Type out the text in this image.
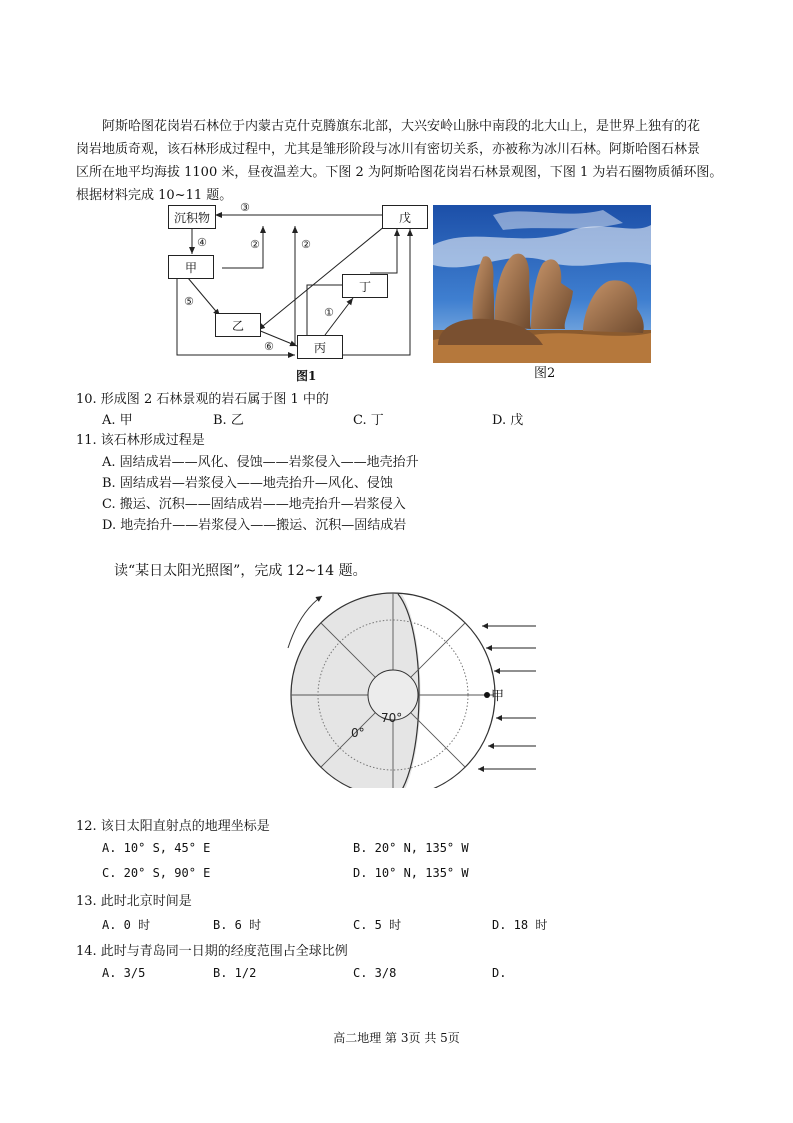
阿斯哈图花岗岩石林位于内蒙古克什克腾旗东北部，大兴安岭山脉中南段的北大山上，是世界上独有的花
岗岩地质奇观，该石林形成过程中，尤其是雏形阶段与冰川有密切关系，亦被称为冰川石林。阿斯哈图石林景
区所在地平均海拔 1100 米，昼夜温差大。下图 2 为阿斯哈图花岗岩石林景观图，下图 1 为岩石圈物质循环图。
根据材料完成 10~11 题。
③
④	②	②
⑤
⑥
①
沉积物
甲
乙
丙
丁
戊
图1	图2
10. 形成图 2 石林景观的岩石属于图 1 中的
A. 甲	B. 乙	C. 丁	D. 戊
11. 该石林形成过程是
A. 固结成岩——风化、侵蚀——岩浆侵入——地壳抬升
B. 固结成岩—岩浆侵入——地壳抬升—风化、侵蚀
C. 搬运、沉积——固结成岩——地壳抬升—岩浆侵入
D. 地壳抬升——岩浆侵入——搬运、沉积—固结成岩
读“某日太阳光照图”，完成 12~14 题。
0°
70°
甲
12. 该日太阳直射点的地理坐标是
A. 10° S, 45° E	B. 20° N, 135° W
C. 20° S, 90° E	D. 10° N, 135° W
13. 此时北京时间是
A. 0 时	B. 6 时	C. 5 时	D. 18 时
14. 此时与青岛同一日期的经度范围占全球比例
A. 3/5	B. 1/2	C. 3/8	D.
高二地理 第 3页 共 5页
